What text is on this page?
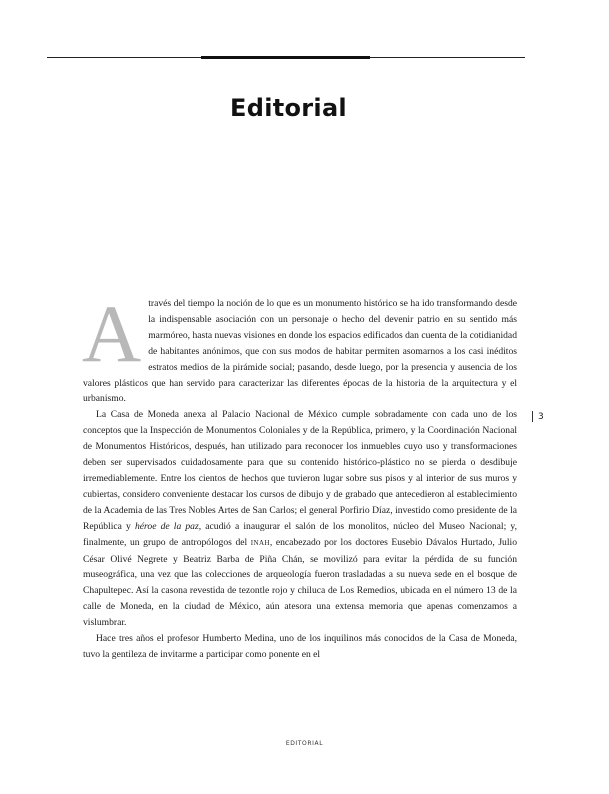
Editorial

Através del tiempo la noción de lo que es un monumento histórico se ha ido transformando desde la indispensable asociación con un personaje o hecho del devenir patrio en su sentido más marmóreo, hasta nuevas visiones en donde los espacios edificados dan cuenta de la cotidianidad de habitantes anónimos, que con sus modos de habitar permiten asomarnos a los casi inéditos estratos medios de la pirámide social; pasando, desde luego, por la presencia y ausencia de los valores plásticos que han servido para caracterizar las diferentes épocas de la historia de la arquitectura y el urbanismo.

La Casa de Moneda anexa al Palacio Nacional de México cumple sobradamente con cada uno de los conceptos que la Inspección de Monumentos Coloniales y de la República, primero, y la Coordinación Nacional de Monumentos Históricos, después, han utilizado para reconocer los inmuebles cuyo uso y transformaciones deben ser supervisados cuidadosamente para que su contenido histórico-plástico no se pierda o desdibuje irremediablemente. Entre los cientos de hechos que tuvieron lugar sobre sus pisos y al interior de sus muros y cubiertas, considero conveniente destacar los cursos de dibujo y de grabado que antecedieron al establecimiento de la Academia de las Tres Nobles Artes de San Carlos; el general Porfirio Díaz, investido como presidente de la República y héroe de la paz, acudió a inaugurar el salón de los monolitos, núcleo del Museo Nacional; y, finalmente, un grupo de antropólogos del INAH, encabezado por los doctores Eusebio Dávalos Hurtado, Julio César Olivé Negrete y Beatriz Barba de Piña Chán, se movilizó para evitar la pérdida de su función museográfica, una vez que las colecciones de arqueología fueron trasladadas a su nueva sede en el bosque de Chapultepec. Así la casona revestida de tezontle rojo y chiluca de Los Remedios, ubicada en el número 13 de la calle de Moneda, en la ciudad de México, aún atesora una extensa memoria que apenas comenzamos a vislumbrar.

Hace tres años el profesor Humberto Medina, uno de los inquilinos más conocidos de la Casa de Moneda, tuvo la gentileza de invitarme a participar como ponente en el

3
EDITORIAL
